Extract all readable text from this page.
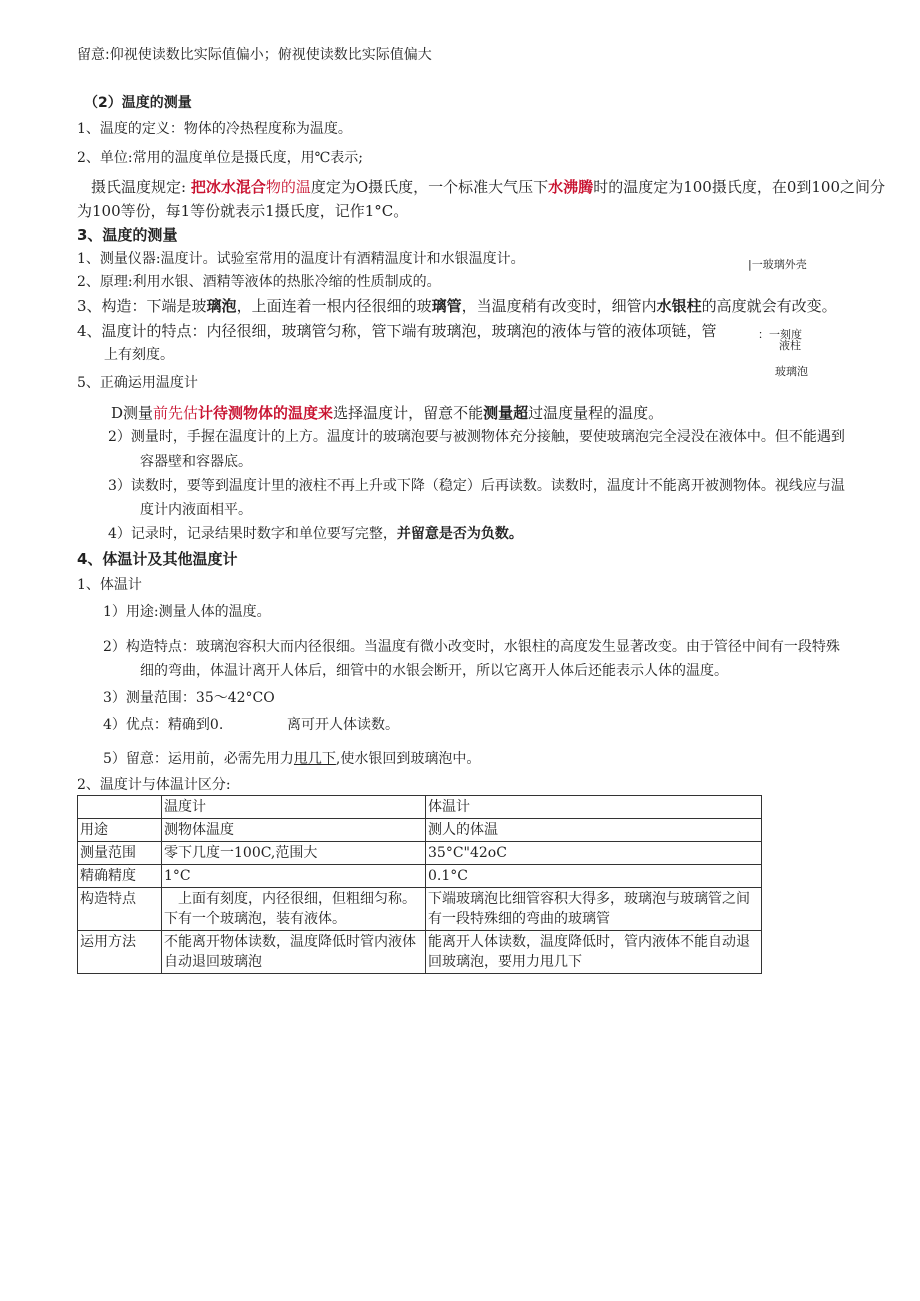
留意:仰视使读数比实际值偏小；俯视使读数比实际值偏大
（2）温度的测量
1、温度的定义：物体的冷热程度称为温度。
2、单位:常用的温度单位是摄氏度，用℃表示;
摄氏温度规定: 把冰水混合物的温度定为O摄氏度，一个标准大气压下水沸腾时的温度定为100摄氏度，在0到100之间分
为100等份，每1等份就表示1摄氏度，记作1°C。
3、温度的测量
1、测量仪器:温度计。试验室常用的温度计有酒精温度计和水银温度计。
2、原理:利用水银、酒精等液体的热胀冷缩的性质制成的。
3、构造：下端是玻璃泡，上面连着一根内径很细的玻璃管，当温度稍有改变时，细管内水银柱的高度就会有改变。
4、温度计的特点：内径很细，玻璃管匀称，管下端有玻璃泡，玻璃泡的液体与管的液体项链，管
上有刻度。
5、正确运用温度计
|一玻璃外壳
：一刻度
液柱
玻璃泡
D测量前先估计待测物体的温度来选择温度计，留意不能测量超过温度量程的温度。
2）测量时，手握在温度计的上方。温度计的玻璃泡要与被测物体充分接触，要使玻璃泡完全浸没在液体中。但不能遇到
容器壁和容器底。
3）读数时，要等到温度计里的液柱不再上升或下降（稳定）后再读数。读数时，温度计不能离开被测物体。视线应与温
度计内液面相平。
4）记录时，记录结果时数字和单位要写完整，并留意是否为负数。
4、体温计及其他温度计
1、体温计
1）用途:测量人体的温度。
2）构造特点：玻璃泡容积大而内径很细。当温度有微小改变时，水银柱的高度发生显著改变。由于管径中间有一段特殊
细的弯曲，体温计离开人体后，细管中的水银会断开，所以它离开人体后还能表示人体的温度。
3）测量范围：35～42°CO
4）优点：精确到0.	离可开人体读数。
5）留意：运用前，必需先用力甩几下,使水银回到玻璃泡中。
2、温度计与体温计区分:
	温度计	体温计
用途	测物体温度	测人的体温
测量范围	零下几度一100C,范围大	35°C"42oC
精确精度	1°C	0.1°C
构造特点	上面有刻度，内径很细，但粗细匀称。下有一个玻璃泡，装有液体。	下端玻璃泡比细管容积大得多，玻璃泡与玻璃管之间有一段特殊细的弯曲的玻璃管
运用方法	不能离开物体读数，温度降低时管内液体自动退回玻璃泡	能离开人体读数，温度降低时，管内液体不能自动退回玻璃泡，要用力甩几下
